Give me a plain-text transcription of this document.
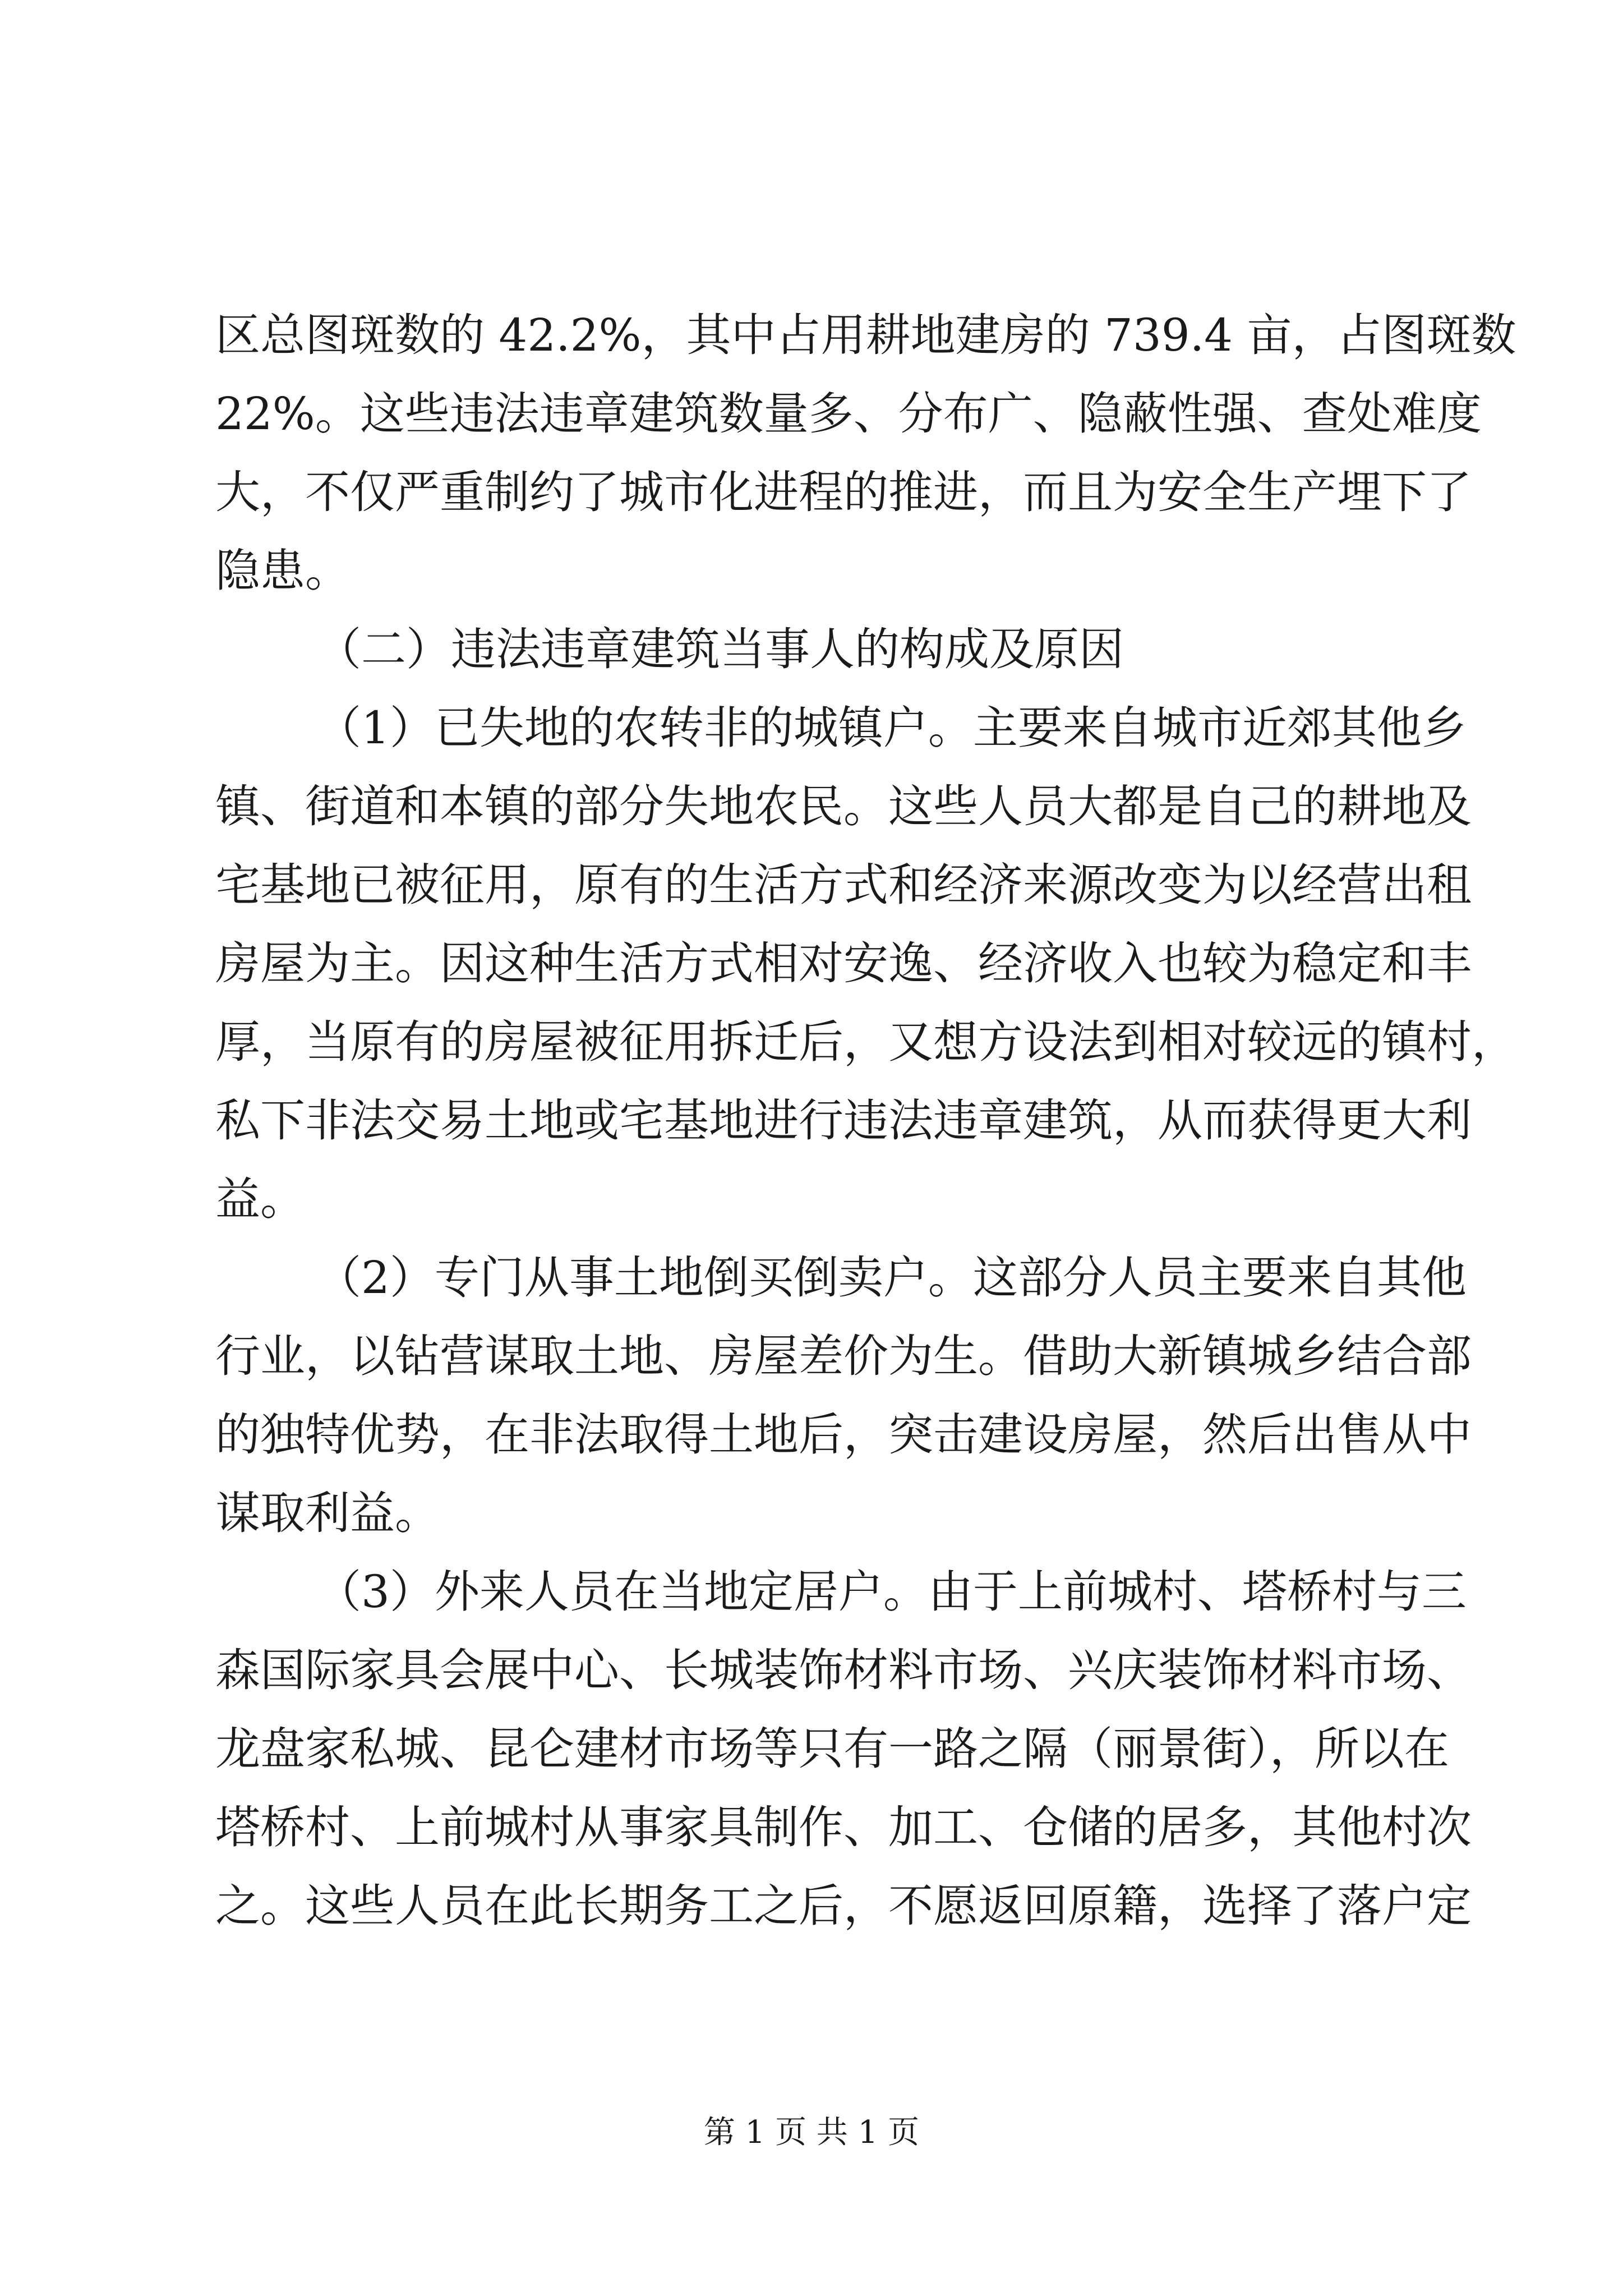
区总图斑数的 42.2%，其中占用耕地建房的 739.4 亩，占图斑数
22%。这些违法违章建筑数量多、分布广、隐蔽性强、查处难度
大，不仅严重制约了城市化进程的推进，而且为安全生产埋下了
隐患。
（二）违法违章建筑当事人的构成及原因
（1）已失地的农转非的城镇户。主要来自城市近郊其他乡
镇、街道和本镇的部分失地农民。这些人员大都是自己的耕地及
宅基地已被征用，原有的生活方式和经济来源改变为以经营出租
房屋为主。因这种生活方式相对安逸、经济收入也较为稳定和丰
厚，当原有的房屋被征用拆迁后，又想方设法到相对较远的镇村，
私下非法交易土地或宅基地进行违法违章建筑，从而获得更大利
益。
（2）专门从事土地倒买倒卖户。这部分人员主要来自其他
行业，以钻营谋取土地、房屋差价为生。借助大新镇城乡结合部
的独特优势，在非法取得土地后，突击建设房屋，然后出售从中
谋取利益。
（3）外来人员在当地定居户。由于上前城村、塔桥村与三
森国际家具会展中心、长城装饰材料市场、兴庆装饰材料市场、
龙盘家私城、昆仑建材市场等只有一路之隔（丽景街），所以在
塔桥村、上前城村从事家具制作、加工、仓储的居多，其他村次
之。这些人员在此长期务工之后，不愿返回原籍，选择了落户定
第 1 页 共 1 页
